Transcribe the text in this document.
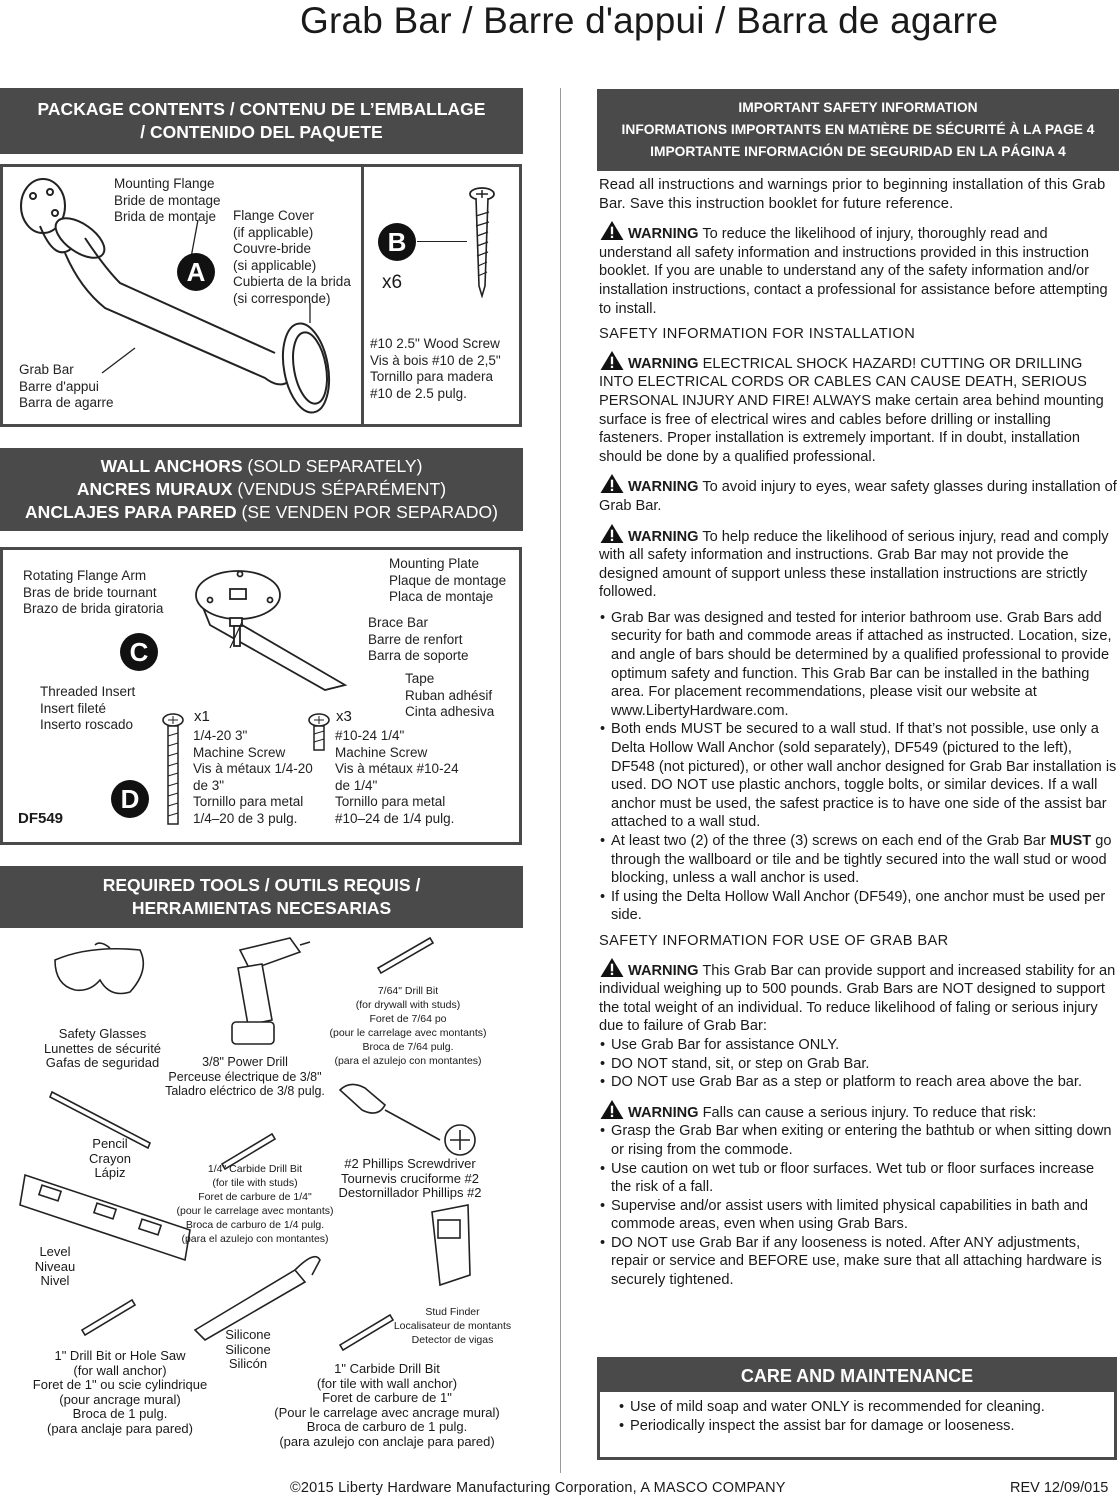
Grab Bar / Barre d'appui / Barra de agarre
PACKAGE CONTENTS / CONTENU DE L’EMBALLAGE
/ CONTENIDO DEL PAQUETE
Mounting Flange
Bride de montage
Brida de montaje	Flange Cover
(if applicable)
Couvre-bride
(si applicable)
Cubierta de la brida
(si corresponde)
Grab Bar
Barre d'appui
Barra de agarre
A
B
x6
#10 2.5" Wood Screw
Vis à bois #10 de 2,5"
Tornillo para madera
#10 de 2.5 pulg.
WALL ANCHORS (SOLD SEPARATELY)
ANCRES MURAUX (VENDUS SÉPARÉMENT)
ANCLAJES PARA PARED (SE VENDEN POR SEPARADO)
Rotating Flange Arm
Bras de bride tournant
Brazo de brida giratoria
Mounting Plate
Plaque de montage
Placa de montaje
Brace Bar
Barre de renfort
Barra de soporte
Tape
Ruban adhésif
Cinta adhesiva
Threaded Insert
Insert fileté
Inserto roscado
C
D
DF549
x1
1/4-20 3"
Machine Screw
Vis à métaux 1/4-20
de 3"
Tornillo para metal
1/4–20 de 3 pulg.
x3
#10-24 1/4"
Machine Screw
Vis à métaux #10-24
de 1/4"
Tornillo para metal
#10–24 de 1/4 pulg.
REQUIRED TOOLS / OUTILS REQUIS /
HERRAMIENTAS NECESARIAS
Safety Glasses
Lunettes de sécurité
Gafas de seguridad	3/8" Power Drill
Perceuse électrique de 3/8"
Taladro eléctrico de 3/8 pulg.
7/64" Drill Bit
(for drywall with studs)
Foret de 7/64 po
(pour le carrelage avec montants)
Broca de 7/64 pulg.
(para el azulejo con montantes)
Pencil
Crayon
Lápiz	1/4" Carbide Drill Bit
(for tile with studs)
Foret de carbure de 1/4"
(pour le carrelage avec montants)
Broca de carburo de 1/4 pulg.
(para el azulejo con montantes)
#2 Phillips Screwdriver
Tournevis cruciforme #2
Destornillador Phillips #2
Level
Niveau
Nivel
Silicone
Silicone
Silicón
Stud Finder
Localisateur de montants
Detector de vigas
1" Drill Bit or Hole Saw
(for wall anchor)
Foret de 1" ou scie cylindrique
(pour ancrage mural)
Broca de 1 pulg.
(para anclaje para pared)
1" Carbide Drill Bit
(for tile with wall anchor)
Foret de carbure de 1"
(Pour le carrelage avec ancrage mural)
Broca de carburo de 1 pulg.
(para azulejo con anclaje para pared)
IMPORTANT SAFETY INFORMATION
INFORMATIONS IMPORTANTS EN MATIÈRE DE SÉCURITÉ À LA PAGE 4
IMPORTANTE INFORMACIÓN DE SEGURIDAD EN LA PÁGINA 4

Read all instructions and warnings prior to beginning installation of this Grab Bar. Save this instruction booklet for future reference.

WARNING To reduce the likelihood of injury, thoroughly read and understand all safety information and instructions provided in this instruction booklet. If you are unable to understand any of the safety information and/or installation instructions, contact a professional for assistance before attempting to install.

SAFETY INFORMATION FOR INSTALLATION

WARNING ELECTRICAL SHOCK HAZARD! CUTTING OR DRILLING INTO ELECTRICAL CORDS OR CABLES CAN CAUSE DEATH, SERIOUS PERSONAL INJURY AND FIRE! ALWAYS make certain area behind mounting surface is free of electrical wires and cables before drilling or installing fasteners. Proper installation is extremely important. If in doubt, installation should be done by a qualified professional.

WARNING To avoid injury to eyes, wear safety glasses during installation of Grab Bar.

WARNING To help reduce the likelihood of serious injury, read and comply with all safety information and instructions. Grab Bar may not provide the designed amount of support unless these installation instructions are strictly followed.

• Grab Bar was designed and tested for interior bathroom use. Grab Bars add security for bath and commode areas if attached as instructed. Location, size, and angle of bars should be determined by a qualified professional to provide optimum safety and function. This Grab Bar can be installed in the bathing area. For placement recommendations, please visit our website at www.LibertyHardware.com.
• Both ends MUST be secured to a wall stud. If that’s not possible, use only a Delta Hollow Wall Anchor (sold separately), DF549 (pictured to the left), DF548 (not pictured), or other wall anchor designed for Grab Bar installation is used. DO NOT use plastic anchors, toggle bolts, or similar devices. If a wall anchor must be used, the safest practice is to have one side of the assist bar attached to a wall stud.
• At least two (2) of the three (3) screws on each end of the Grab Bar MUST go through the wallboard or tile and be tightly secured into the wall stud or wood blocking, unless a wall anchor is used.
• If using the Delta Hollow Wall Anchor (DF549), one anchor must be used per side.

SAFETY INFORMATION FOR USE OF GRAB BAR

WARNING This Grab Bar can provide support and increased stability for an individual weighing up to 500 pounds. Grab Bars are NOT designed to support the total weight of an individual. To reduce likelihood of faling or serious injury due to failure of Grab Bar:

• Use Grab Bar for assistance ONLY.
• DO NOT stand, sit, or step on Grab Bar.
• DO NOT use Grab Bar as a step or platform to reach area above the bar.

WARNING Falls can cause a serious injury. To reduce that risk:

• Grasp the Grab Bar when exiting or entering the bathtub or when sitting down or rising from the commode.
• Use caution on wet tub or floor surfaces. Wet tub or floor surfaces increase the risk of a fall.
• Supervise and/or assist users with limited physical capabilities in bath and commode areas, even when using Grab Bars.
• DO NOT use Grab Bar if any looseness is noted. After ANY adjustments, repair or service and BEFORE use, make sure that all attaching hardware is securely tightened.
CARE AND MAINTENANCE
• Use of mild soap and water ONLY is recommended for cleaning.
• Periodically inspect the assist bar for damage or looseness.
©2015 Liberty Hardware Manufacturing Corporation, A MASCO COMPANY	REV 12/09/015
